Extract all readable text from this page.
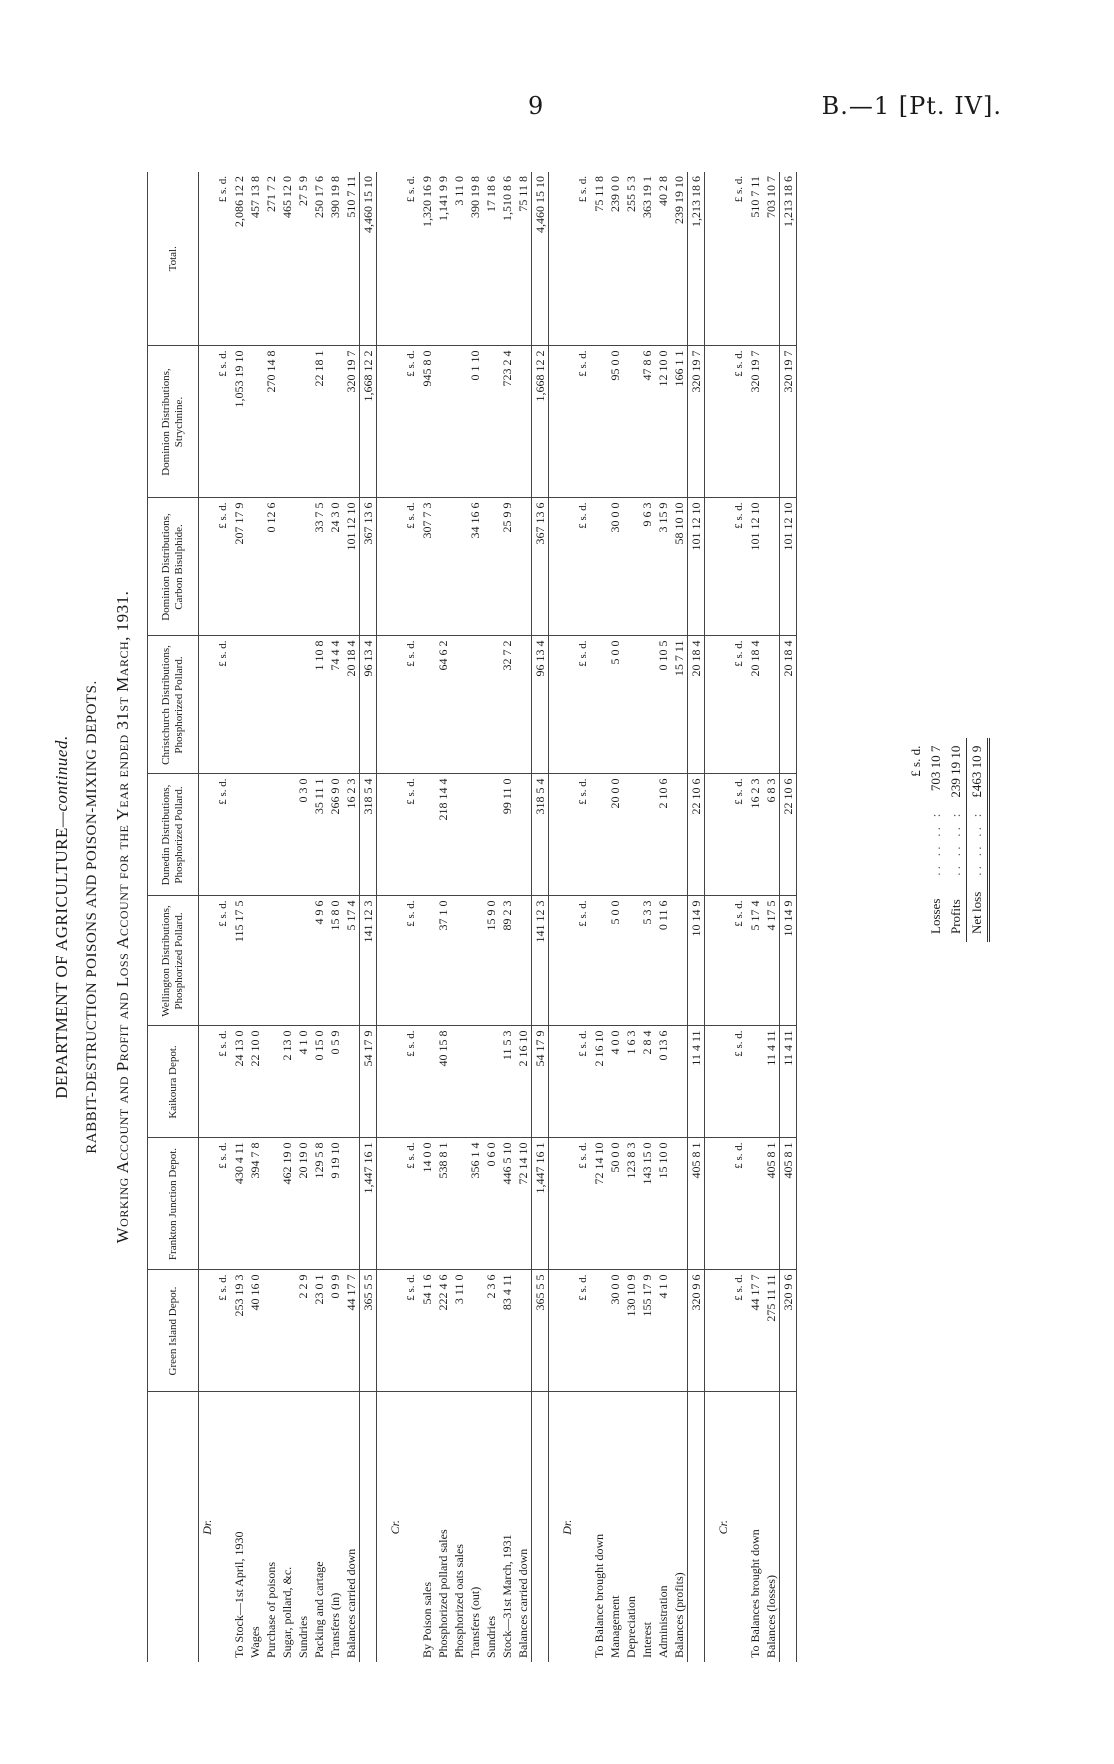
9	B.—1 [Pt. IV].
DEPARTMENT OF AGRICULTURE—continued. RABBIT-DESTRUCTION POISONS AND POISON-MIXING DEPOTS. Working Account and Profit and Loss Account for the Year ended 31st March, 1931.
	Green Island Depot.	Frankton Junction Depot.	Kaikoura Depot.	Wellington Distributions, Phosphorized Pollard.	Dunedin Distributions, Phosphorized Pollard.	Christchurch Distributions, Phosphorized Pollard.	Dominion Distributions, Carbon Bisulphide.	Dominion Distributions, Strychnine.	Total.
Dr.									
	£ s. d.	£ s. d.	£ s. d.	£ s. d.	£ s. d.	£ s. d.	£ s. d.	£ s. d.	£ s. d.
To Stock—1st April, 1930	253 19 3	430 4 11	24 13 0	115 17 5			207 17 9	1,053 19 10	2,086 12 2
Wages	40 16 0	394 7 8	22 10 0						457 13 8
Purchase of poisons							0 12 6	270 14 8	271 7 2
Sugar, pollard, &c.		462 19 0	2 13 0						465 12 0
Sundries	2 2 9	20 19 0	4 1 0		0 3 0				27 5 9
Packing and cartage	23 0 1	129 5 8	0 15 0	4 9 6	35 11 1	1 10 8	33 7 5	22 18 1	250 17 6
Transfers (in)	0 9 9	9 19 10	0 5 9	15 8 0	266 9 0	74 4 4	24 3 0		390 19 8
Balances carried down	44 17 7			5 17 4	16 2 3	20 18 4	101 12 10	320 19 7	510 7 11
	365 5 5	1,447 16 1	54 17 9	141 12 3	318 5 4	96 13 4	367 13 6	1,668 12 2	4,460 15 10

Cr.									
	£ s. d.	£ s. d.	£ s. d.	£ s. d.	£ s. d.	£ s. d.	£ s. d.	£ s. d.	£ s. d.
By Poison sales	54 1 6	14 0 0					307 7 3	945 8 0	1,320 16 9
Phosphorized pollard sales	222 4 6	538 8 1	40 15 8	37 1 0	218 14 4	64 6 2			1,141 9 9
Phosphorized oats sales	3 11 0								3 11 0
Transfers (out)		356 1 4					34 16 6	0 1 10	390 19 8
Sundries	2 3 6	0 6 0		15 9 0					17 18 6
Stock—31st March, 1931	83 4 11	446 5 10	11 5 3	89 2 3	99 11 0	32 7 2	25 9 9	723 2 4	1,510 8 6
Balances carried down		72 14 10	2 16 10						75 11 8
	365 5 5	1,447 16 1	54 17 9	141 12 3	318 5 4	96 13 4	367 13 6	1,668 12 2	4,460 15 10

Dr.									
	£ s. d.	£ s. d.	£ s. d.	£ s. d.	£ s. d.	£ s. d.	£ s. d.	£ s. d.	£ s. d.
To Balance brought down		72 14 10	2 16 10						75 11 8
Management	30 0 0	50 0 0	4 0 0	5 0 0	20 0 0	5 0 0	30 0 0	95 0 0	239 0 0
Depreciation	130 10 9	123 8 3	1 6 3						255 5 3
Interest	155 17 9	143 15 0	2 8 4	5 3 3			9 6 3	47 8 6	363 19 1
Administration	4 1 0	15 10 0	0 13 6	0 11 6	2 10 6	0 10 5	3 15 9	12 10 0	40 2 8
Balances (profits)						15 7 11	58 10 10	166 1 1	239 19 10
	320 9 6	405 8 1	11 4 11	10 14 9	22 10 6	20 18 4	101 12 10	320 19 7	1,213 18 6

Cr.									
	£ s. d.	£ s. d.	£ s. d.	£ s. d.	£ s. d.	£ s. d.	£ s. d.	£ s. d.	£ s. d.
To Balances brought down	44 17 7			5 17 4	16 2 3	20 18 4	101 12 10	320 19 7	510 7 11
Balances (losses)	275 11 11	405 8 1	11 4 11	4 17 5	6 8 3				703 10 7
	320 9 6	405 8 1	11 4 11	10 14 9	22 10 6	20 18 4	101 12 10	320 19 7	1,213 18 6
		£ s. d.
Losses	. .   . .   . .   :	703 10 7
Profits	. .   . .   . .   :	239 19 10
Net loss	. .   . .   . .   :	£463 10 9
